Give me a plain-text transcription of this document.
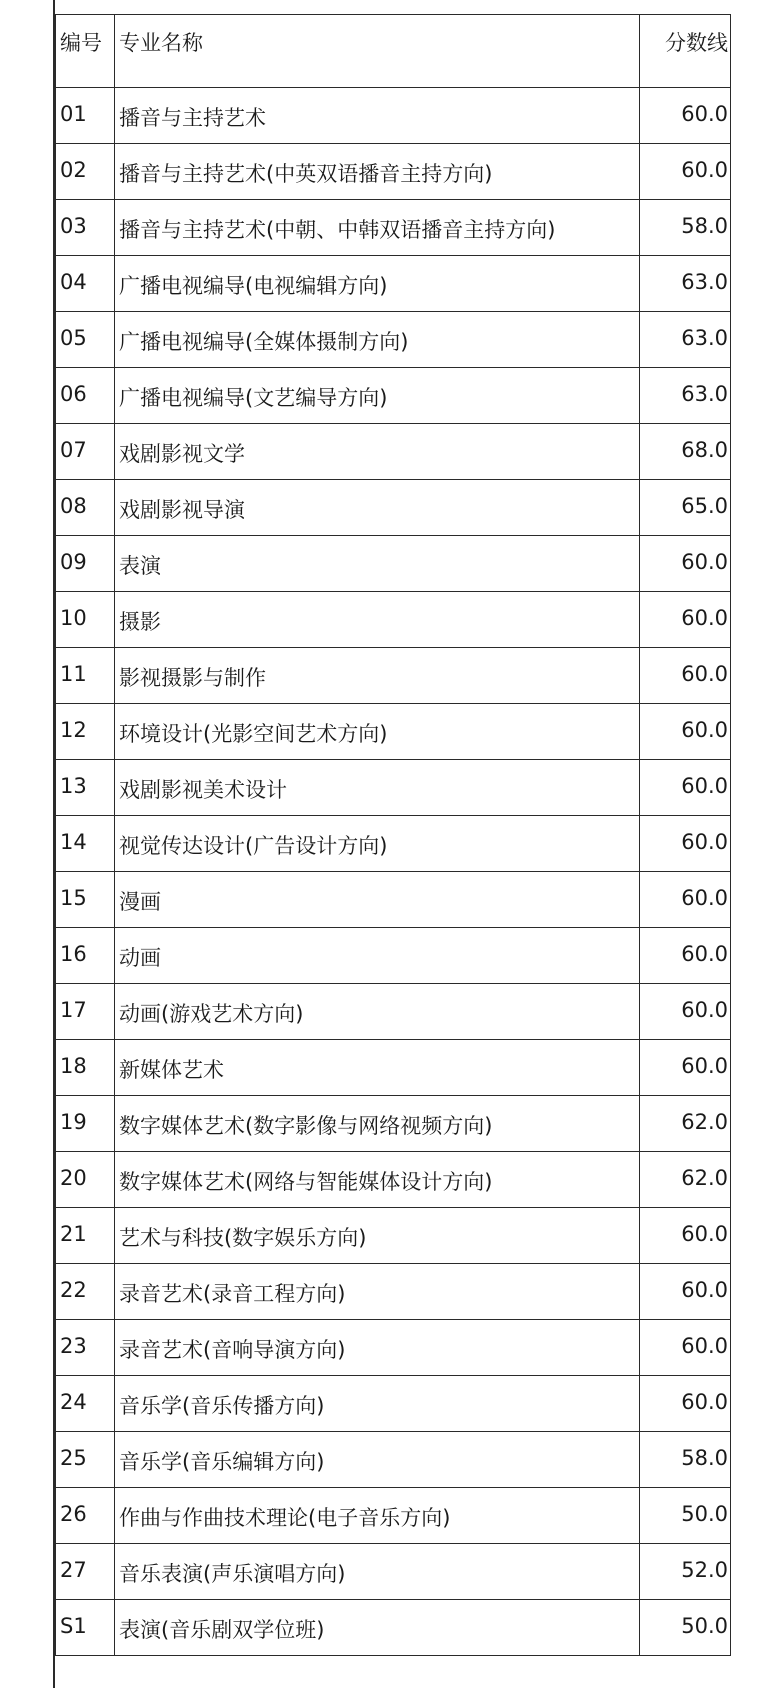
编号	专业名称	分数线
01	播音与主持艺术	60.0
02	播音与主持艺术(中英双语播音主持方向)	60.0
03	播音与主持艺术(中朝、中韩双语播音主持方向)	58.0
04	广播电视编导(电视编辑方向)	63.0
05	广播电视编导(全媒体摄制方向)	63.0
06	广播电视编导(文艺编导方向)	63.0
07	戏剧影视文学	68.0
08	戏剧影视导演	65.0
09	表演	60.0
10	摄影	60.0
11	影视摄影与制作	60.0
12	环境设计(光影空间艺术方向)	60.0
13	戏剧影视美术设计	60.0
14	视觉传达设计(广告设计方向)	60.0
15	漫画	60.0
16	动画	60.0
17	动画(游戏艺术方向)	60.0
18	新媒体艺术	60.0
19	数字媒体艺术(数字影像与网络视频方向)	62.0
20	数字媒体艺术(网络与智能媒体设计方向)	62.0
21	艺术与科技(数字娱乐方向)	60.0
22	录音艺术(录音工程方向)	60.0
23	录音艺术(音响导演方向)	60.0
24	音乐学(音乐传播方向)	60.0
25	音乐学(音乐编辑方向)	58.0
26	作曲与作曲技术理论(电子音乐方向)	50.0
27	音乐表演(声乐演唱方向)	52.0
S1	表演(音乐剧双学位班)	50.0
